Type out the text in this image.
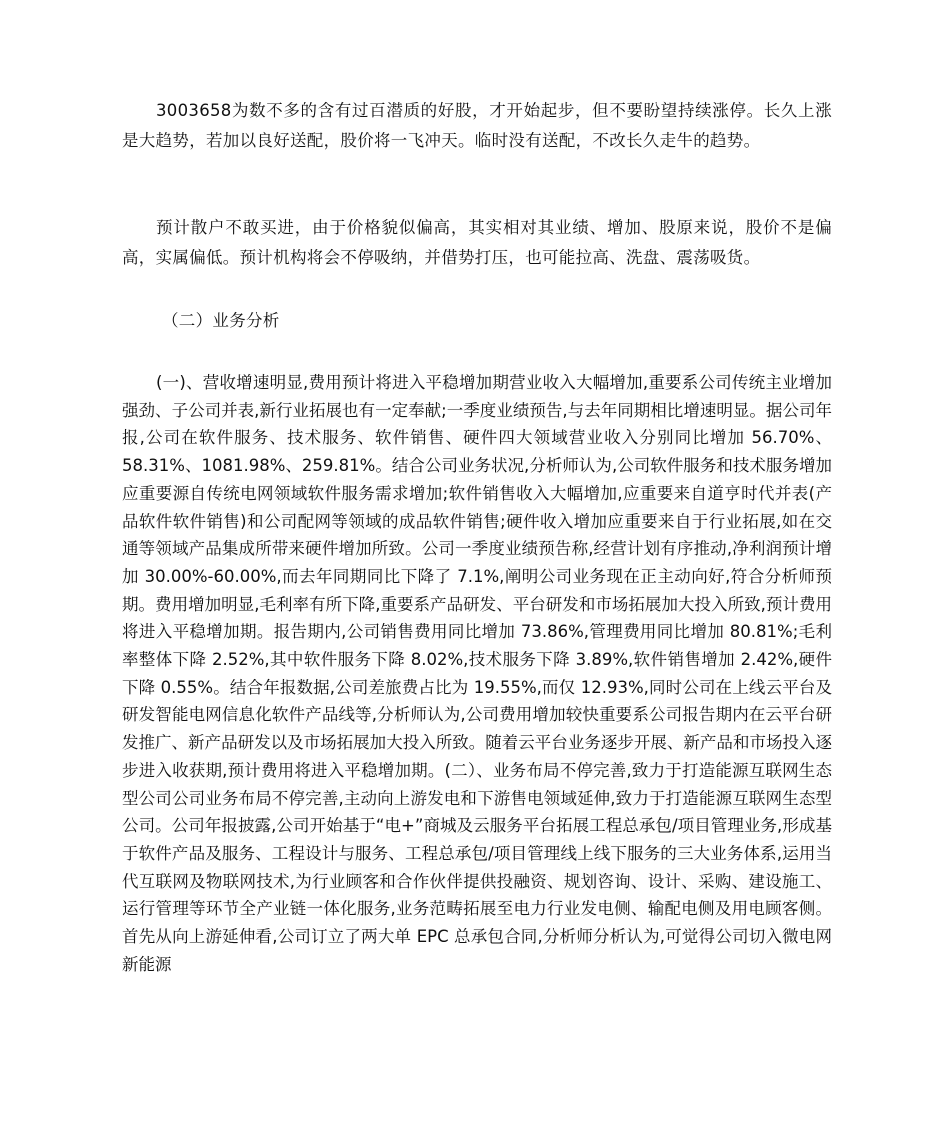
3003658为数不多的含有过百潜质的好股，才开始起步，但不要盼望持续涨停。长久上涨是大趋势，若加以良好送配，股价将一飞冲天。临时没有送配，不改长久走牛的趋势。

预计散户不敢买进，由于价格貌似偏高，其实相对其业绩、增加、股原来说，股价不是偏高，实属偏低。预计机构将会不停吸纳，并借势打压，也可能拉高、洗盘、震荡吸货。

（二）业务分析

(一)、营收增速明显,费用预计将进入平稳增加期营业收入大幅增加,重要系公司传统主业增加强劲、子公司并表,新行业拓展也有一定奉献;一季度业绩预告,与去年同期相比增速明显。据公司年报,公司在软件服务、技术服务、软件销售、硬件四大领域营业收入分别同比增加 56.70%、58.31%、1081.98%、259.81%。结合公司业务状况,分析师认为,公司软件服务和技术服务增加应重要源自传统电网领域软件服务需求增加;软件销售收入大幅增加,应重要来自道亨时代并表(产品软件软件销售)和公司配网等领域的成品软件销售;硬件收入增加应重要来自于行业拓展,如在交通等领域产品集成所带来硬件增加所致。公司一季度业绩预告称,经营计划有序推动,净利润预计增加 30.00%-60.00%,而去年同期同比下降了 7.1%,阐明公司业务现在正主动向好,符合分析师预期。费用增加明显,毛利率有所下降,重要系产品研发、平台研发和市场拓展加大投入所致,预计费用将进入平稳增加期。报告期内,公司销售费用同比增加 73.86%,管理费用同比增加 80.81%;毛利率整体下降 2.52%,其中软件服务下降 8.02%,技术服务下降 3.89%,软件销售增加 2.42%,硬件下降 0.55%。结合年报数据,公司差旅费占比为 19.55%,而仅 12.93%,同时公司在上线云平台及研发智能电网信息化软件产品线等,分析师认为,公司费用增加较快重要系公司报告期内在云平台研发推广、新产品研发以及市场拓展加大投入所致。随着云平台业务逐步开展、新产品和市场投入逐步进入收获期,预计费用将进入平稳增加期。(二）、业务布局不停完善,致力于打造能源互联网生态型公司公司业务布局不停完善,主动向上游发电和下游售电领域延伸,致力于打造能源互联网生态型公司。公司年报披露,公司开始基于“电+”商城及云服务平台拓展工程总承包/项目管理业务,形成基于软件产品及服务、工程设计与服务、工程总承包/项目管理线上线下服务的三大业务体系,运用当代互联网及物联网技术,为行业顾客和合作伙伴提供投融资、规划咨询、设计、采购、建设施工、运行管理等环节全产业链一体化服务,业务范畴拓展至电力行业发电侧、输配电侧及用电顾客侧。首先从向上游延伸看,公司订立了两大单 EPC 总承包合同,分析师分析认为,可觉得公司切入微电网新能源
